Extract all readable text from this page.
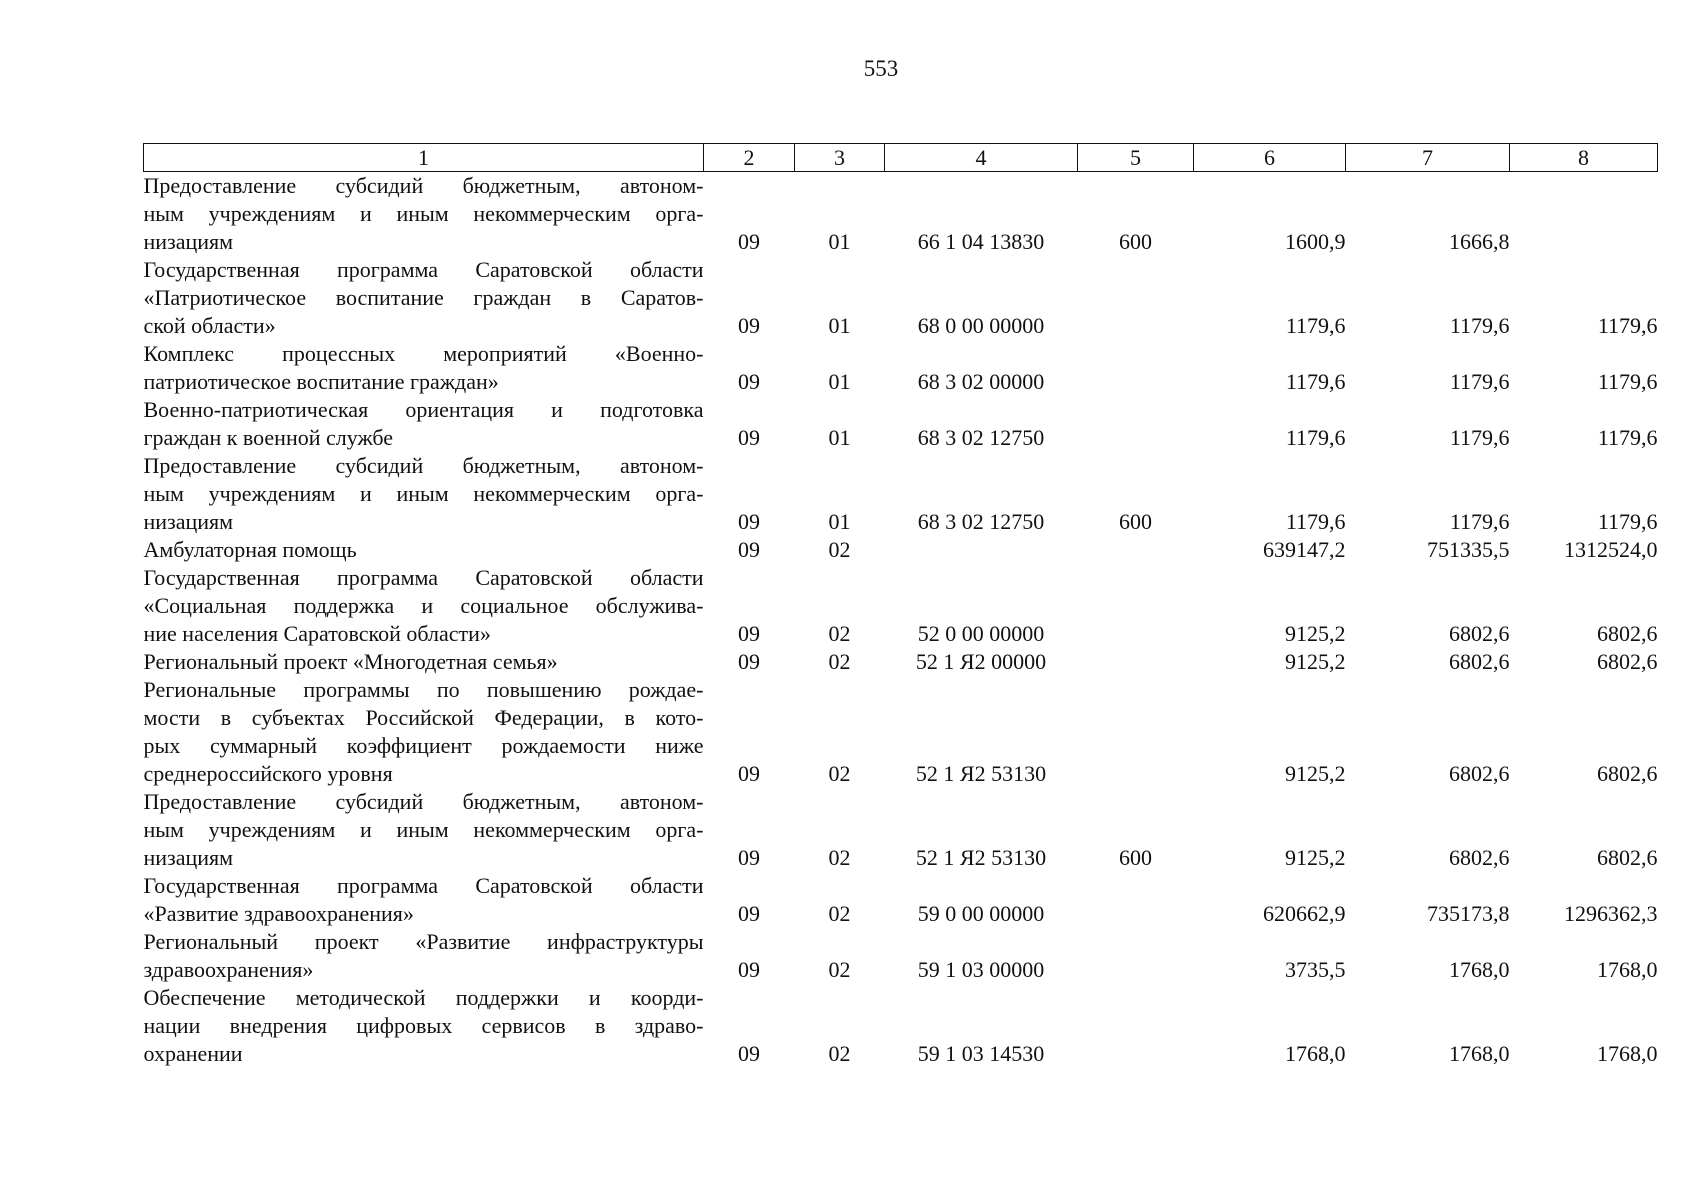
553
1	2	3	4	5	6	7	8

Предоставление субсидий бюджетным, автоном-
ным учреждениям и иным некоммерческим орга-
низациям	09	01	66 1 04 13830	600	1600,9	1666,8	

Государственная программа Саратовской области
«Патриотическое воспитание граждан в Саратов-
ской области»	09	01	68 0 00 00000		1179,6	1179,6	1179,6

Комплекс процессных мероприятий «Военно-
патриотическое воспитание граждан»	09	01	68 3 02 00000		1179,6	1179,6	1179,6

Военно-патриотическая ориентация и подготовка
граждан к военной службе	09	01	68 3 02 12750		1179,6	1179,6	1179,6

Предоставление субсидий бюджетным, автоном-
ным учреждениям и иным некоммерческим орга-
низациям	09	01	68 3 02 12750	600	1179,6	1179,6	1179,6

Амбулаторная помощь	09	02			639147,2	751335,5	1312524,0

Государственная программа Саратовской области
«Социальная поддержка и социальное обслужива-
ние населения Саратовской области»	09	02	52 0 00 00000		9125,2	6802,6	6802,6

Региональный проект «Многодетная семья»	09	02	52 1 Я2 00000		9125,2	6802,6	6802,6

Региональные программы по повышению рождае-
мости в субъектах Российской Федерации, в кото-
рых суммарный коэффициент рождаемости ниже
среднероссийского уровня	09	02	52 1 Я2 53130		9125,2	6802,6	6802,6

Предоставление субсидий бюджетным, автоном-
ным учреждениям и иным некоммерческим орга-
низациям	09	02	52 1 Я2 53130	600	9125,2	6802,6	6802,6

Государственная программа Саратовской области
«Развитие здравоохранения»	09	02	59 0 00 00000		620662,9	735173,8	1296362,3

Региональный проект «Развитие инфраструктуры
здравоохранения»	09	02	59 1 03 00000		3735,5	1768,0	1768,0

Обеспечение методической поддержки и коорди-
нации внедрения цифровых сервисов в здраво-
охранении	09	02	59 1 03 14530		1768,0	1768,0	1768,0
